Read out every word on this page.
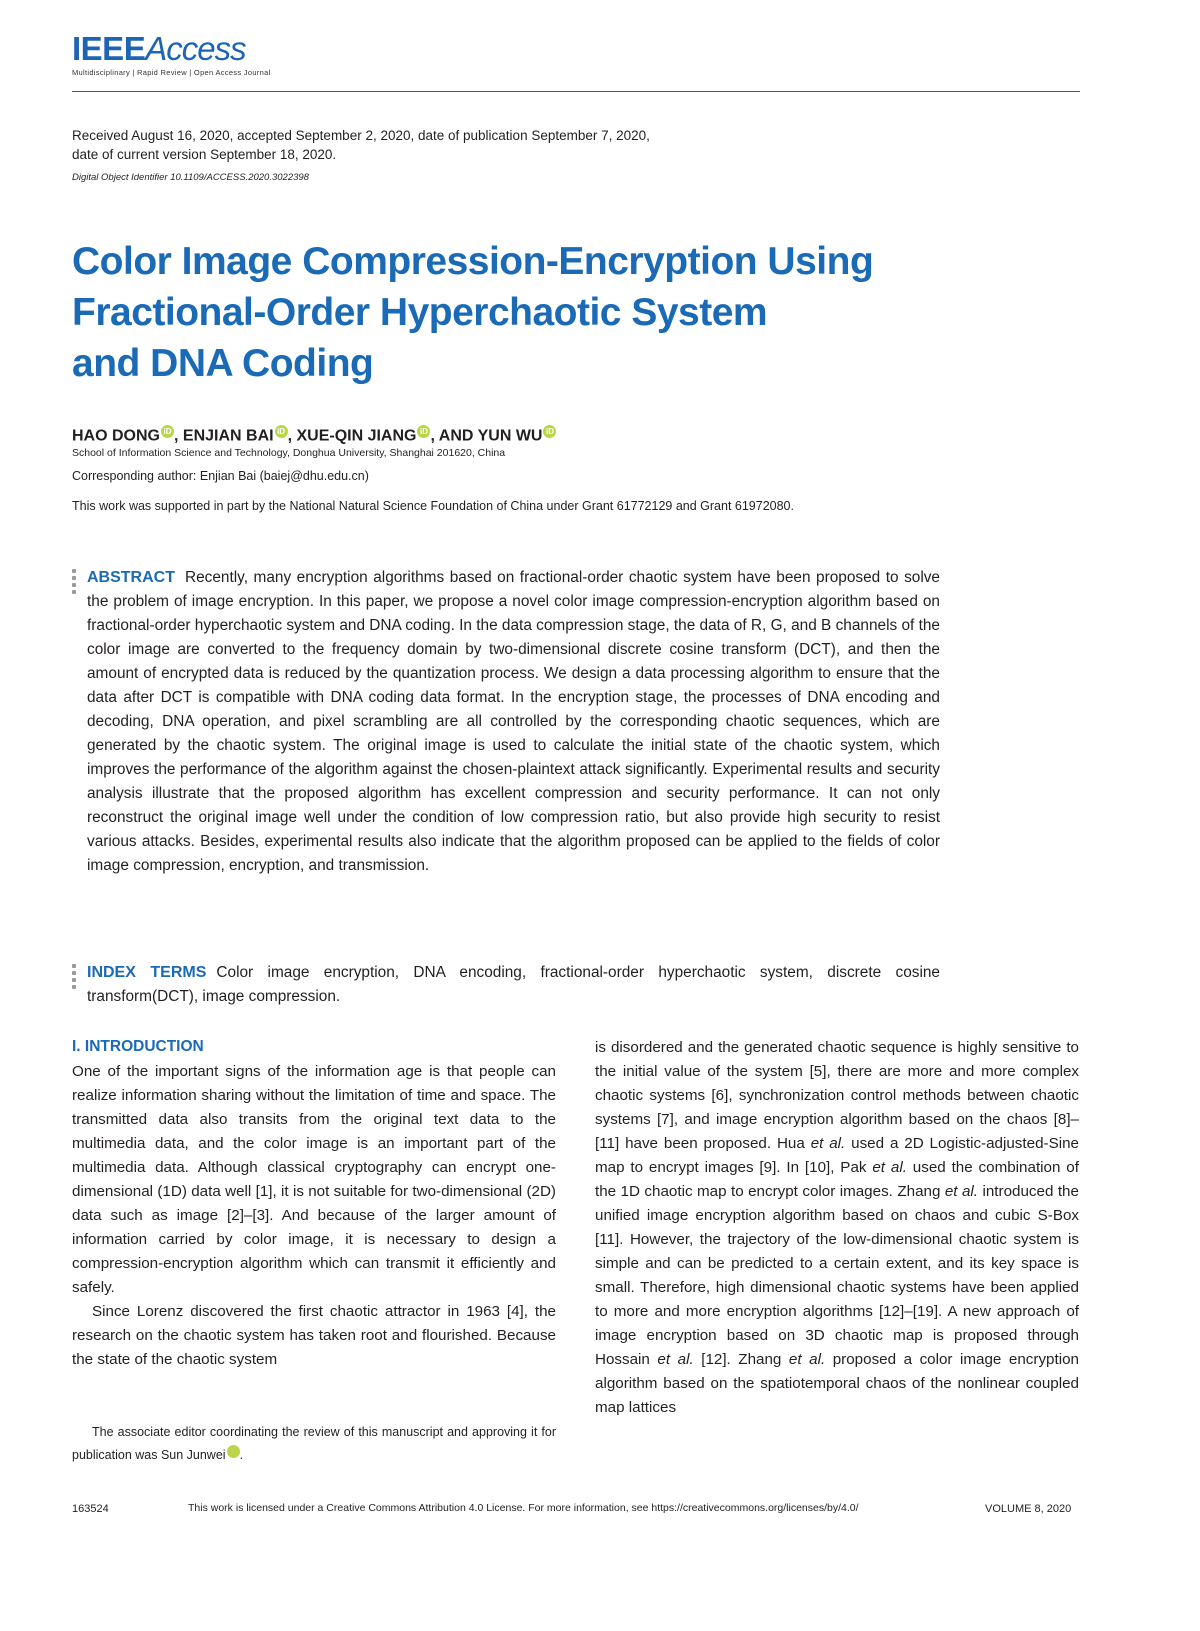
IEEEAccess
Multidisciplinary | Rapid Review | Open Access Journal
Received August 16, 2020, accepted September 2, 2020, date of publication September 7, 2020,
date of current version September 18, 2020.
Digital Object Identifier 10.1109/ACCESS.2020.3022398
Color Image Compression-Encryption Using
Fractional-Order Hyperchaotic System
and DNA Coding
HAO DONG iD , ENJIAN BAI iD , XUE-QIN JIANG iD , AND YUN WU iD
School of Information Science and Technology, Donghua University, Shanghai 201620, China
Corresponding author: Enjian Bai (baiej@dhu.edu.cn)
This work was supported in part by the National Natural Science Foundation of China under Grant 61772129 and Grant 61972080.
ABSTRACT Recently, many encryption algorithms based on fractional-order chaotic system have been proposed to solve the problem of image encryption. In this paper, we propose a novel color image compression-encryption algorithm based on fractional-order hyperchaotic system and DNA coding. In the data compression stage, the data of R, G, and B channels of the color image are converted to the frequency domain by two-dimensional discrete cosine transform (DCT), and then the amount of encrypted data is reduced by the quantization process. We design a data processing algorithm to ensure that the data after DCT is compatible with DNA coding data format. In the encryption stage, the processes of DNA encoding and decoding, DNA operation, and pixel scrambling are all controlled by the corresponding chaotic sequences, which are generated by the chaotic system. The original image is used to calculate the initial state of the chaotic system, which improves the performance of the algorithm against the chosen-plaintext attack significantly. Experimental results and security analysis illustrate that the proposed algorithm has excellent compression and security performance. It can not only reconstruct the original image well under the condition of low compression ratio, but also provide high security to resist various attacks. Besides, experimental results also indicate that the algorithm proposed can be applied to the fields of color image compression, encryption, and transmission.
INDEX TERMS Color image encryption, DNA encoding, fractional-order hyperchaotic system, discrete cosine transform(DCT), image compression.
I. INTRODUCTION

One of the important signs of the information age is that people can realize information sharing without the limitation of time and space. The transmitted data also transits from the original text data to the multimedia data, and the color image is an important part of the multimedia data. Although classical cryptography can encrypt one-dimensional (1D) data well [1], it is not suitable for two-dimensional (2D) data such as image [2]–[3]. And because of the larger amount of information carried by color image, it is necessary to design a compression-encryption algorithm which can transmit it efficiently and safely.

Since Lorenz discovered the first chaotic attractor in 1963 [4], the research on the chaotic system has taken root and flourished. Because the state of the chaotic system

is disordered and the generated chaotic sequence is highly sensitive to the initial value of the system [5], there are more and more complex chaotic systems [6], synchronization control methods between chaotic systems [7], and image encryption algorithm based on the chaos [8]–[11] have been proposed. Hua et al. used a 2D Logistic-adjusted-Sine map to encrypt images [9]. In [10], Pak et al. used the combination of the 1D chaotic map to encrypt color images. Zhang et al. introduced the unified image encryption algorithm based on chaos and cubic S-Box [11]. However, the trajectory of the low-dimensional chaotic system is simple and can be predicted to a certain extent, and its key space is small. Therefore, high dimensional chaotic systems have been applied to more and more encryption algorithms [12]–[19]. A new approach of image encryption based on 3D chaotic map is proposed through Hossain et al. [12]. Zhang et al. proposed a color image encryption algorithm based on the spatiotemporal chaos of the nonlinear coupled map lattices

The associate editor coordinating the review of this manuscript and approving it for publication was Sun Junwei	iD.

163524	This work is licensed under a Creative Commons Attribution 4.0 License. For more information, see https://creativecommons.org/licenses/by/4.0/	VOLUME 8, 2020
